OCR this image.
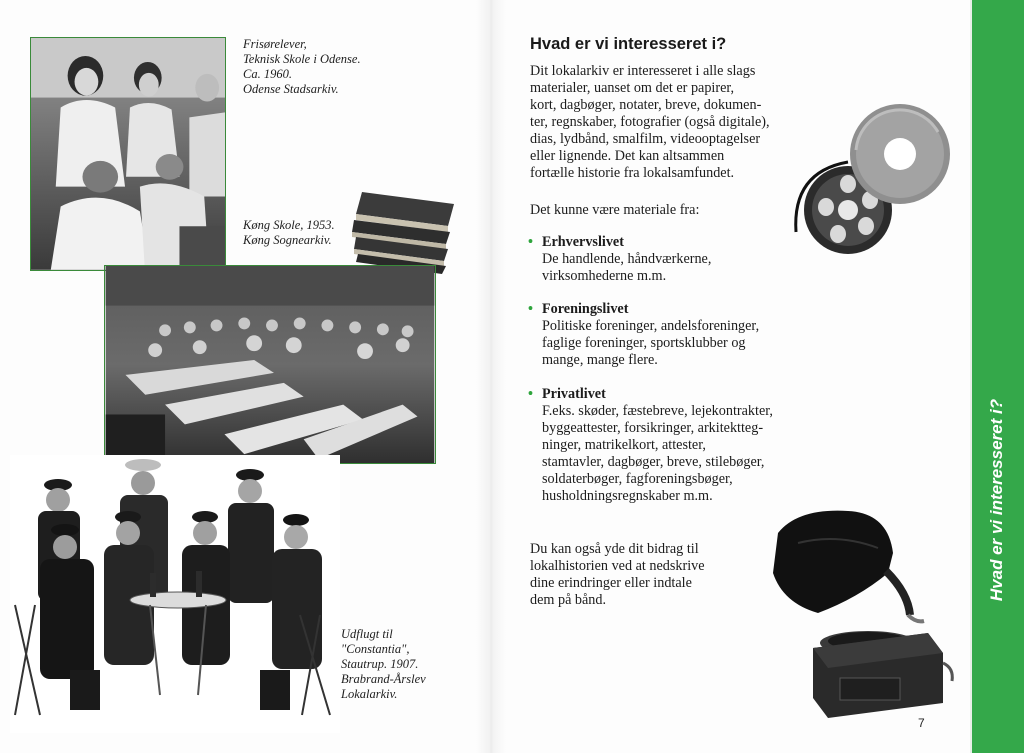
Frisørelever,
Teknisk Skole i Odense.
Ca. 1960.
Odense Stadsarkiv.
Køng Skole, 1953.
Køng Sognearkiv.
Udflugt til
"Constantia",
Stautrup. 1907.
Brabrand-Årslev
Lokalarkiv.
Hvad er vi interesseret i?
Dit lokalarkiv er interesseret i alle slags
materialer, uanset om det er papirer,
kort, dagbøger, notater, breve, dokumen-
ter, regnskaber, fotografier (også digitale),
dias, lydbånd, smalfilm, videooptagelser
eller lignende. Det kan altsammen
fortælle historie fra lokalsamfundet.
Det kunne være materiale fra:
• Erhvervslivet
De handlende, håndværkerne,
virksomhederne m.m.
• Foreningslivet
Politiske foreninger, andelsforeninger,
faglige foreninger, sportsklubber og
mange, mange flere.
• Privatlivet
F.eks. skøder, fæstebreve, lejekontrakter,
byggeattester, forsikringer, arkitektteg-
ninger, matrikelkort, attester,
stamtavler, dagbøger, breve, stilebøger,
soldaterbøger, fagforeningsbøger,
husholdningsregnskaber m.m.
Du kan også yde dit bidrag til
lokalhistorien ved at nedskrive
dine erindringer eller indtale
dem på bånd.
7
Hvad er vi interesseret i?
